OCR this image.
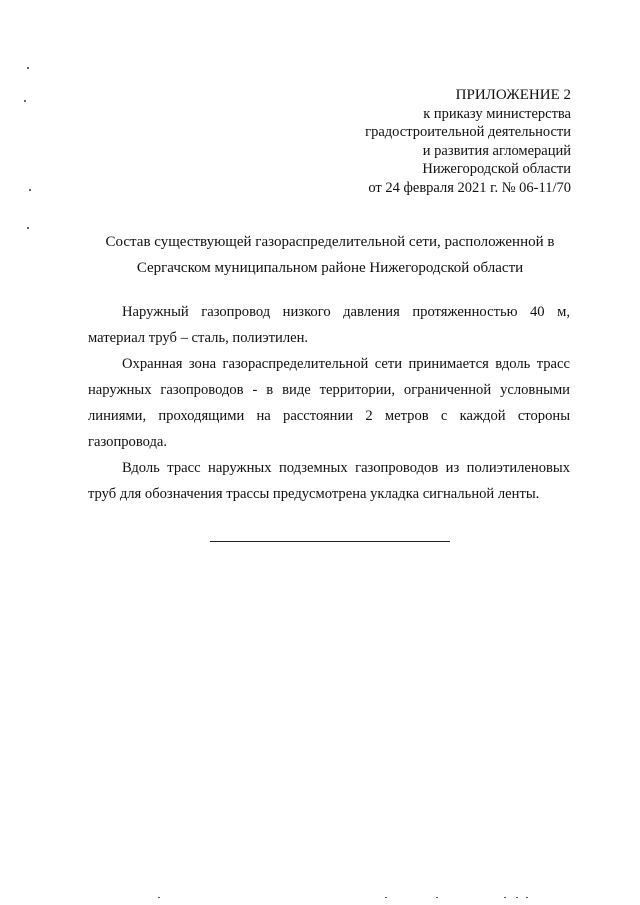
ПРИЛОЖЕНИЕ 2
к приказу министерства
градостроительной деятельности
и развития агломераций
Нижегородской области
от 24 февраля 2021 г. № 06-11/70
Состав существующей газораспределительной сети, расположенной в
Сергачском муниципальном районе Нижегородской области

Наружный газопровод низкого давления протяженностью 40 м, материал труб – сталь, полиэтилен.

Охранная зона газораспределительной сети принимается вдоль трасс наружных газопроводов - в виде территории, ограниченной условными линиями, проходящими на расстоянии 2 метров с каждой стороны газопровода.

Вдоль трасс наружных подземных газопроводов из полиэтиленовых труб для обозначения трассы предусмотрена укладка сигнальной ленты.
